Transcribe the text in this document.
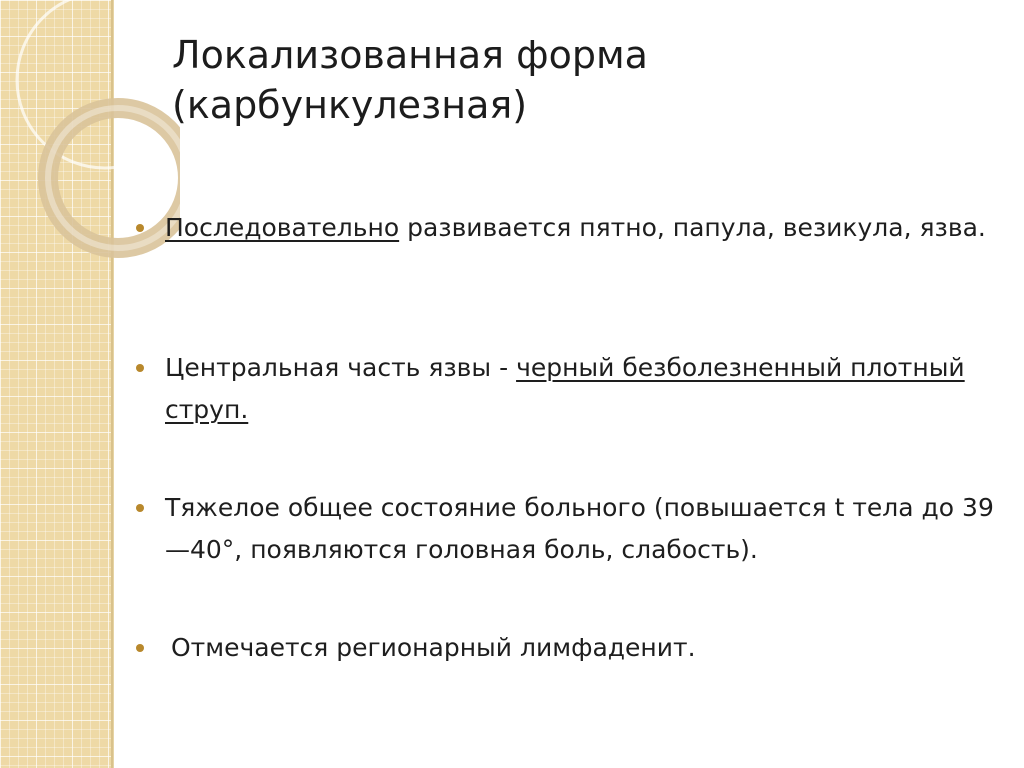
Локализованная форма
(карбункулезная)
Последовательно развивается пятно, папула, везикула, язва.
Центральная часть язвы - черный безболезненный плотный струп.
Тяжелое общее состояние больного (повышается t тела до 39—40°, появляются головная боль, слабость).
Отмечается регионарный лимфаденит.
